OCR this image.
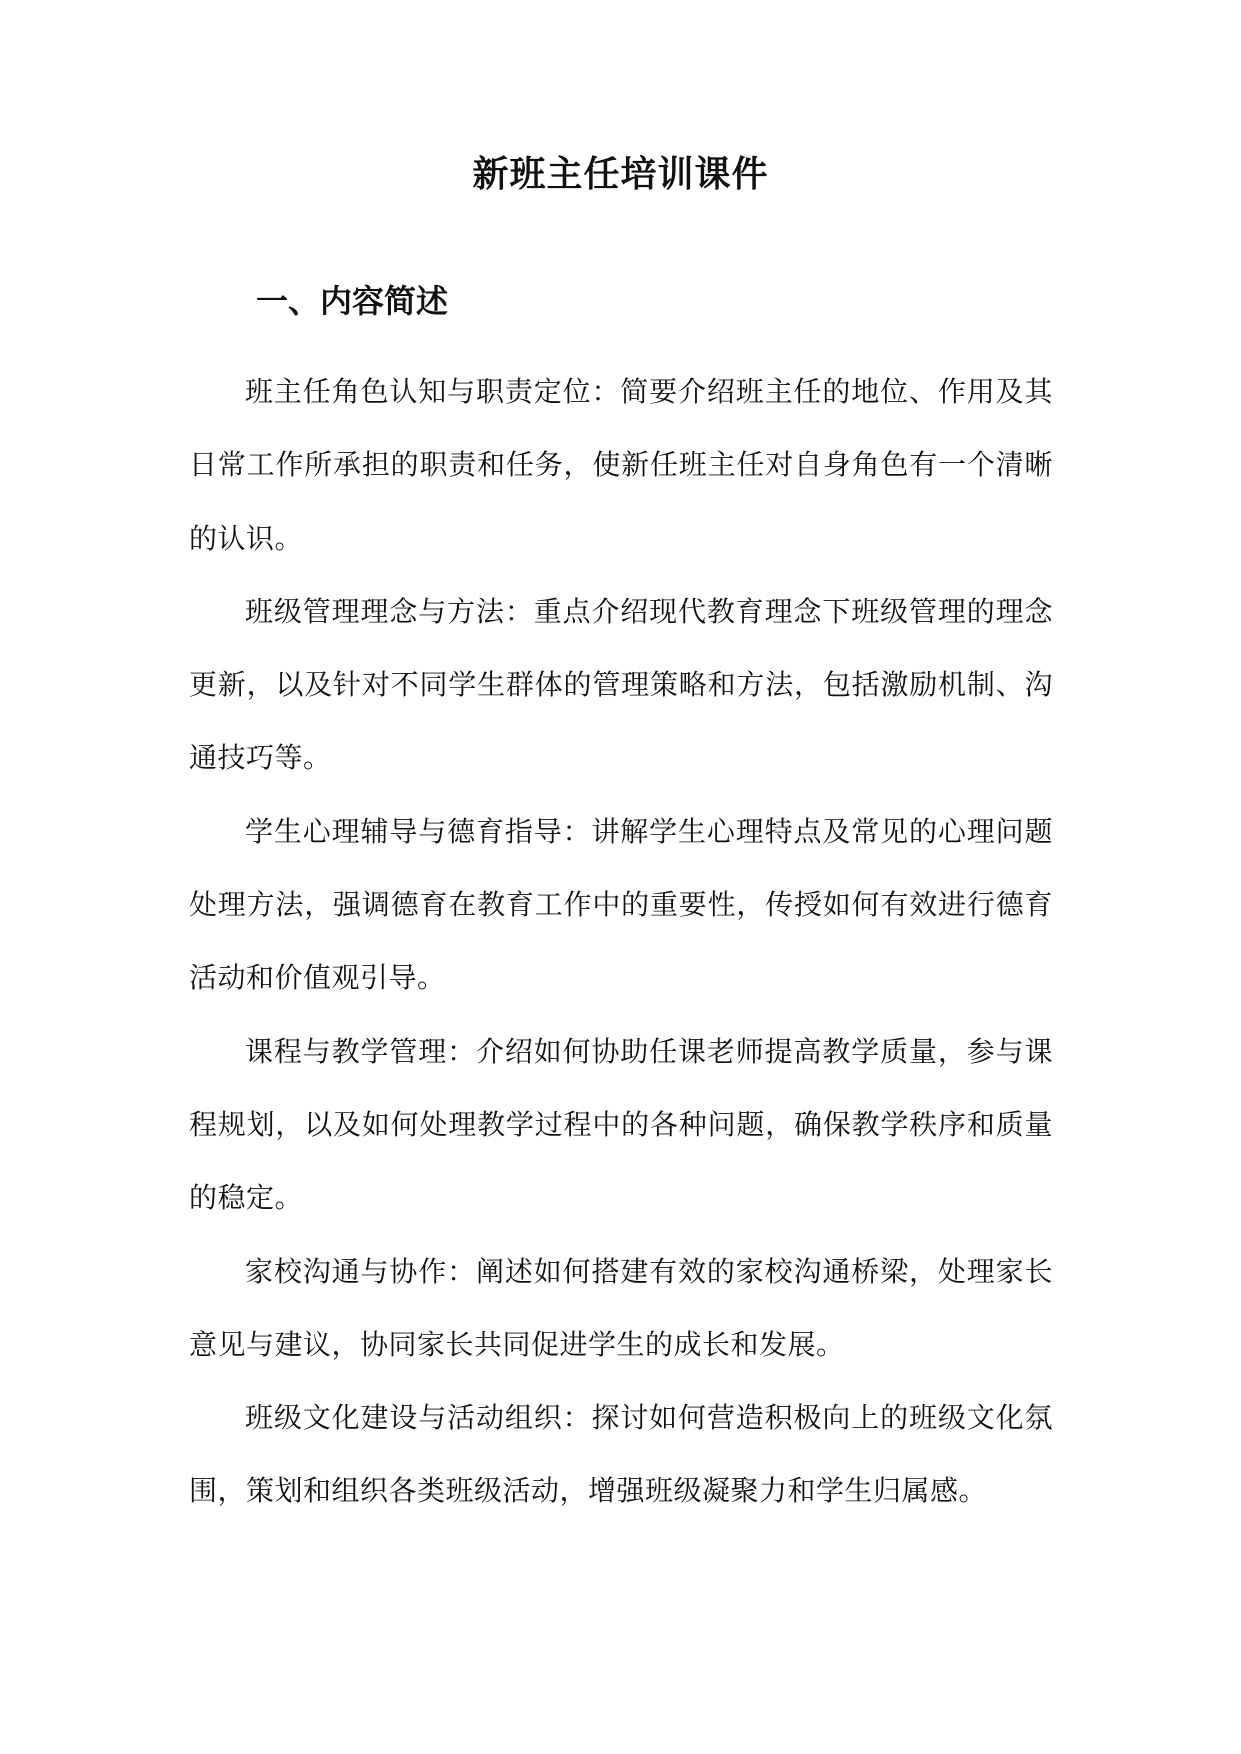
新班主任培训课件
一、内容简述

班主任角色认知与职责定位：简要介绍班主任的地位、作用及其日常工作所承担的职责和任务，使新任班主任对自身角色有一个清晰的认识。

班级管理理念与方法：重点介绍现代教育理念下班级管理的理念更新，以及针对不同学生群体的管理策略和方法，包括激励机制、沟通技巧等。

学生心理辅导与德育指导：讲解学生心理特点及常见的心理问题处理方法，强调德育在教育工作中的重要性，传授如何有效进行德育活动和价值观引导。

课程与教学管理：介绍如何协助任课老师提高教学质量，参与课程规划，以及如何处理教学过程中的各种问题，确保教学秩序和质量的稳定。

家校沟通与协作：阐述如何搭建有效的家校沟通桥梁，处理家长意见与建议，协同家长共同促进学生的成长和发展。

班级文化建设与活动组织：探讨如何营造积极向上的班级文化氛围，策划和组织各类班级活动，增强班级凝聚力和学生归属感。
